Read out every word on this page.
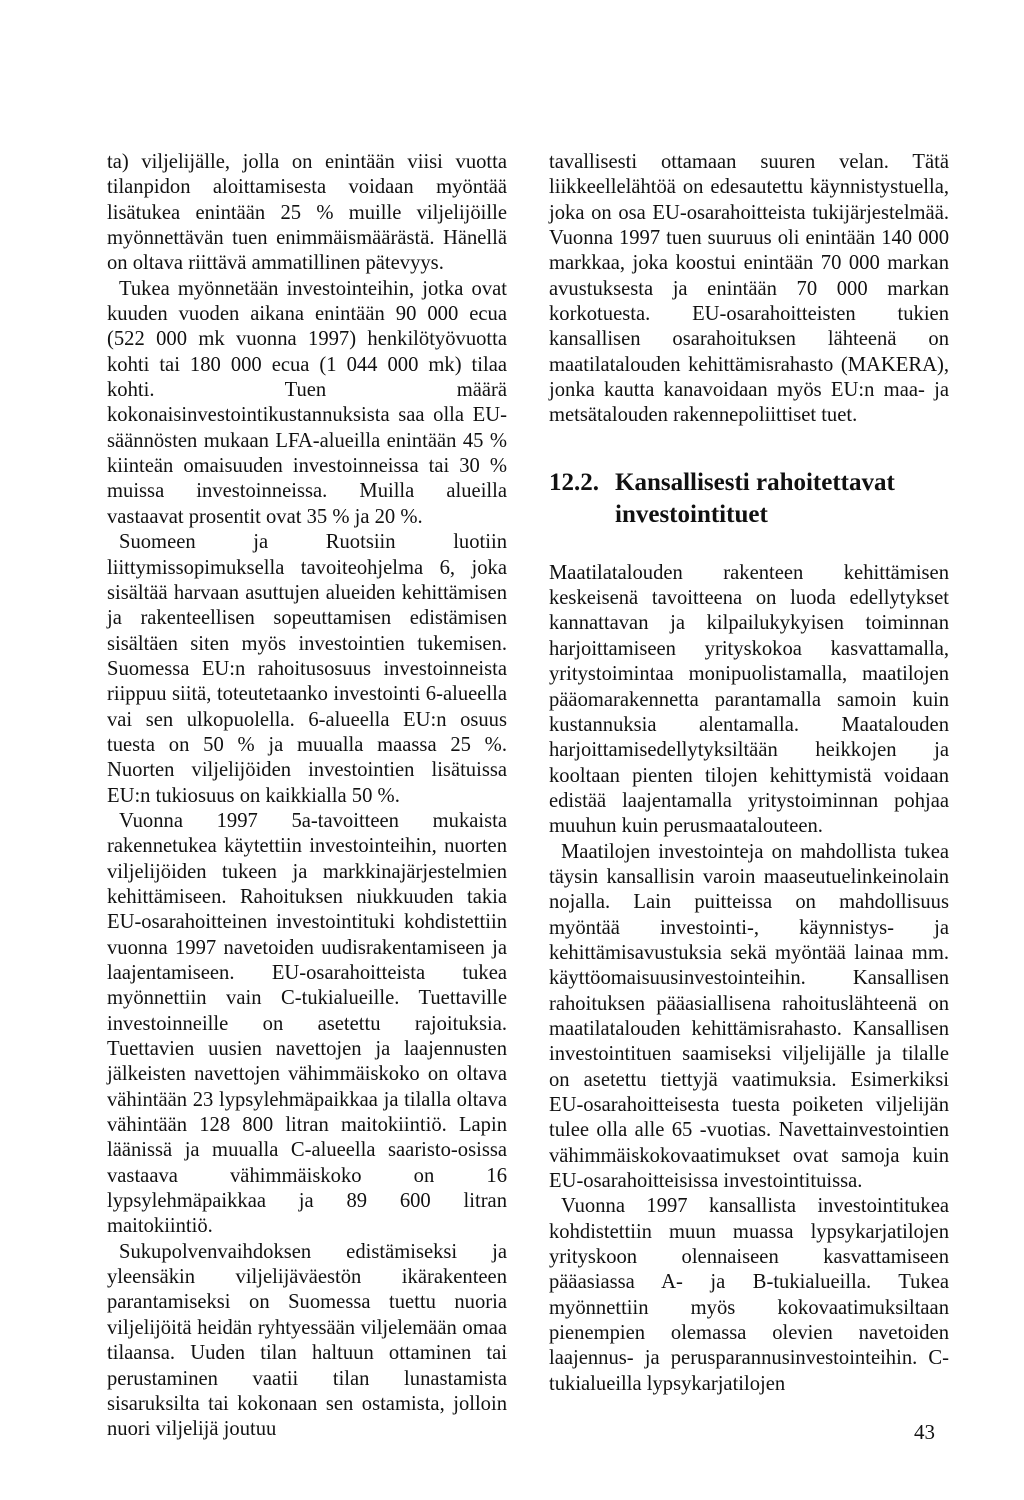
ta) viljelijälle, jolla on enintään viisi vuotta tilanpidon aloittamisesta voidaan myöntää lisätukea enintään 25 % muille viljelijöille myönnettävän tuen enimmäismäärästä. Hänellä on oltava riittävä ammatillinen pätevyys.

Tukea myönnetään investointeihin, jotka ovat kuuden vuoden aikana enintään 90 000 ecua (522 000 mk vuonna 1997) henkilötyövuotta kohti tai 180 000 ecua (1 044 000 mk) tilaa kohti. Tuen määrä kokonaisinvestointikustannuksista saa olla EU-säännösten mukaan LFA-alueilla enintään 45 % kiinteän omaisuuden investoinneissa tai 30 % muissa investoinneissa. Muilla alueilla vastaavat prosentit ovat 35 % ja 20 %.

Suomeen ja Ruotsiin luotiin liittymissopimuksella tavoiteohjelma 6, joka sisältää harvaan asuttujen alueiden kehittämisen ja rakenteellisen sopeuttamisen edistämisen sisältäen siten myös investointien tukemisen. Suomessa EU:n rahoitusosuus investoinneista riippuu siitä, toteutetaanko investointi 6-alueella vai sen ulkopuolella. 6-alueella EU:n osuus tuesta on 50 % ja muualla maassa 25 %. Nuorten viljelijöiden investointien lisätuissa EU:n tukiosuus on kaikkialla 50 %.

Vuonna 1997 5a-tavoitteen mukaista rakennetukea käytettiin investointeihin, nuorten viljelijöiden tukeen ja markkinajärjestelmien kehittämiseen. Rahoituksen niukkuuden takia EU-osarahoitteinen investointituki kohdistettiin vuonna 1997 navetoiden uudisrakentamiseen ja laajentamiseen. EU-osarahoitteista tukea myönnettiin vain C-tukialueille. Tuettaville investoinneille on asetettu rajoituksia. Tuettavien uusien navettojen ja laajennusten jälkeisten navettojen vähimmäiskoko on oltava vähintään 23 lypsylehmäpaikkaa ja tilalla oltava vähintään 128 800 litran maitokiintiö. Lapin läänissä ja muualla C-alueella saaristo-osissa vastaava vähimmäiskoko on 16 lypsylehmäpaikkaa ja 89 600 litran maitokiintiö.

Sukupolvenvaihdoksen edistämiseksi ja yleensäkin viljelijäväestön ikärakenteen parantamiseksi on Suomessa tuettu nuoria viljelijöitä heidän ryhtyessään viljelemään omaa tilaansa. Uuden tilan haltuun ottaminen tai perustaminen vaatii tilan lunastamista sisaruksilta tai kokonaan sen ostamista, jolloin nuori viljelijä joutuu

tavallisesti ottamaan suuren velan. Tätä liikkeellelähtöä on edesautettu käynnistystuella, joka on osa EU-osarahoitteista tukijärjestelmää. Vuonna 1997 tuen suuruus oli enintään 140 000 markkaa, joka koostui enintään 70 000 markan avustuksesta ja enintään 70 000 markan korkotuesta. EU-osarahoitteisten tukien kansallisen osarahoituksen lähteenä on maatilatalouden kehittämisrahasto (MAKERA), jonka kautta kanavoidaan myös EU:n maa- ja metsätalouden rakennepoliittiset tuet.

12.2. Kansallisesti rahoitettavat investointituet

Maatilatalouden rakenteen kehittämisen keskeisenä tavoitteena on luoda edellytykset kannattavan ja kilpailukykyisen toiminnan harjoittamiseen yrityskokoa kasvattamalla, yritystoimintaa monipuolistamalla, maatilojen pääomarakennetta parantamalla samoin kuin kustannuksia alentamalla. Maatalouden harjoittamisedellytyksiltään heikkojen ja kooltaan pienten tilojen kehittymistä voidaan edistää laajentamalla yritystoiminnan pohjaa muuhun kuin perusmaatalouteen.

Maatilojen investointeja on mahdollista tukea täysin kansallisin varoin maaseutuelinkeinolain nojalla. Lain puitteissa on mahdollisuus myöntää investointi-, käynnistys- ja kehittämisavustuksia sekä myöntää lainaa mm. käyttöomaisuusinvestointeihin. Kansallisen rahoituksen pääasiallisena rahoituslähteenä on maatilatalouden kehittämisrahasto. Kansallisen investointituen saamiseksi viljelijälle ja tilalle on asetettu tiettyjä vaatimuksia. Esimerkiksi EU-osarahoitteisesta tuesta poiketen viljelijän tulee olla alle 65 -vuotias. Navettainvestointien vähimmäiskokovaatimukset ovat samoja kuin EU-osarahoitteisissa investointituissa.

Vuonna 1997 kansallista investointitukea kohdistettiin muun muassa lypsykarjatilojen yrityskoon olennaiseen kasvattamiseen pääasiassa A- ja B-tukialueilla. Tukea myönnettiin myös kokovaatimuksiltaan pienempien olemassa olevien navetoiden laajennus- ja perusparannusinvestointeihin. C-tukialueilla lypsykarjatilojen

43
